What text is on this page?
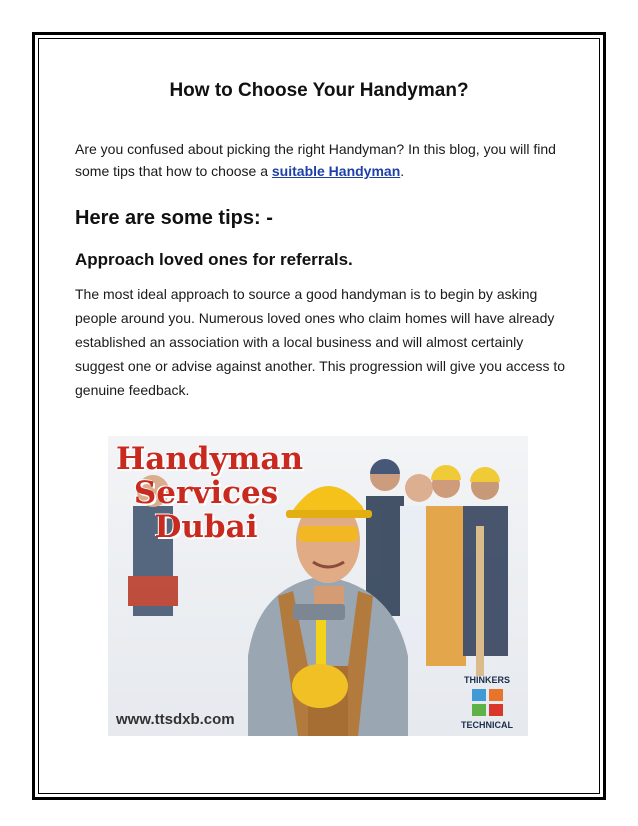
How to Choose Your Handyman?
Are you confused about picking the right Handyman? In this blog, you will find some tips that how to choose a suitable Handyman.
Here are some tips: -
Approach loved ones for referrals.
The most ideal approach to source a good handyman is to begin by asking people around you. Numerous loved ones who claim homes will have already established an association with a local business and will almost certainly suggest one or advise against another. This progression will give you access to genuine feedback.
Handyman
Services
Dubai
www.ttsdxb.com
THINKERS
TECHNICAL
